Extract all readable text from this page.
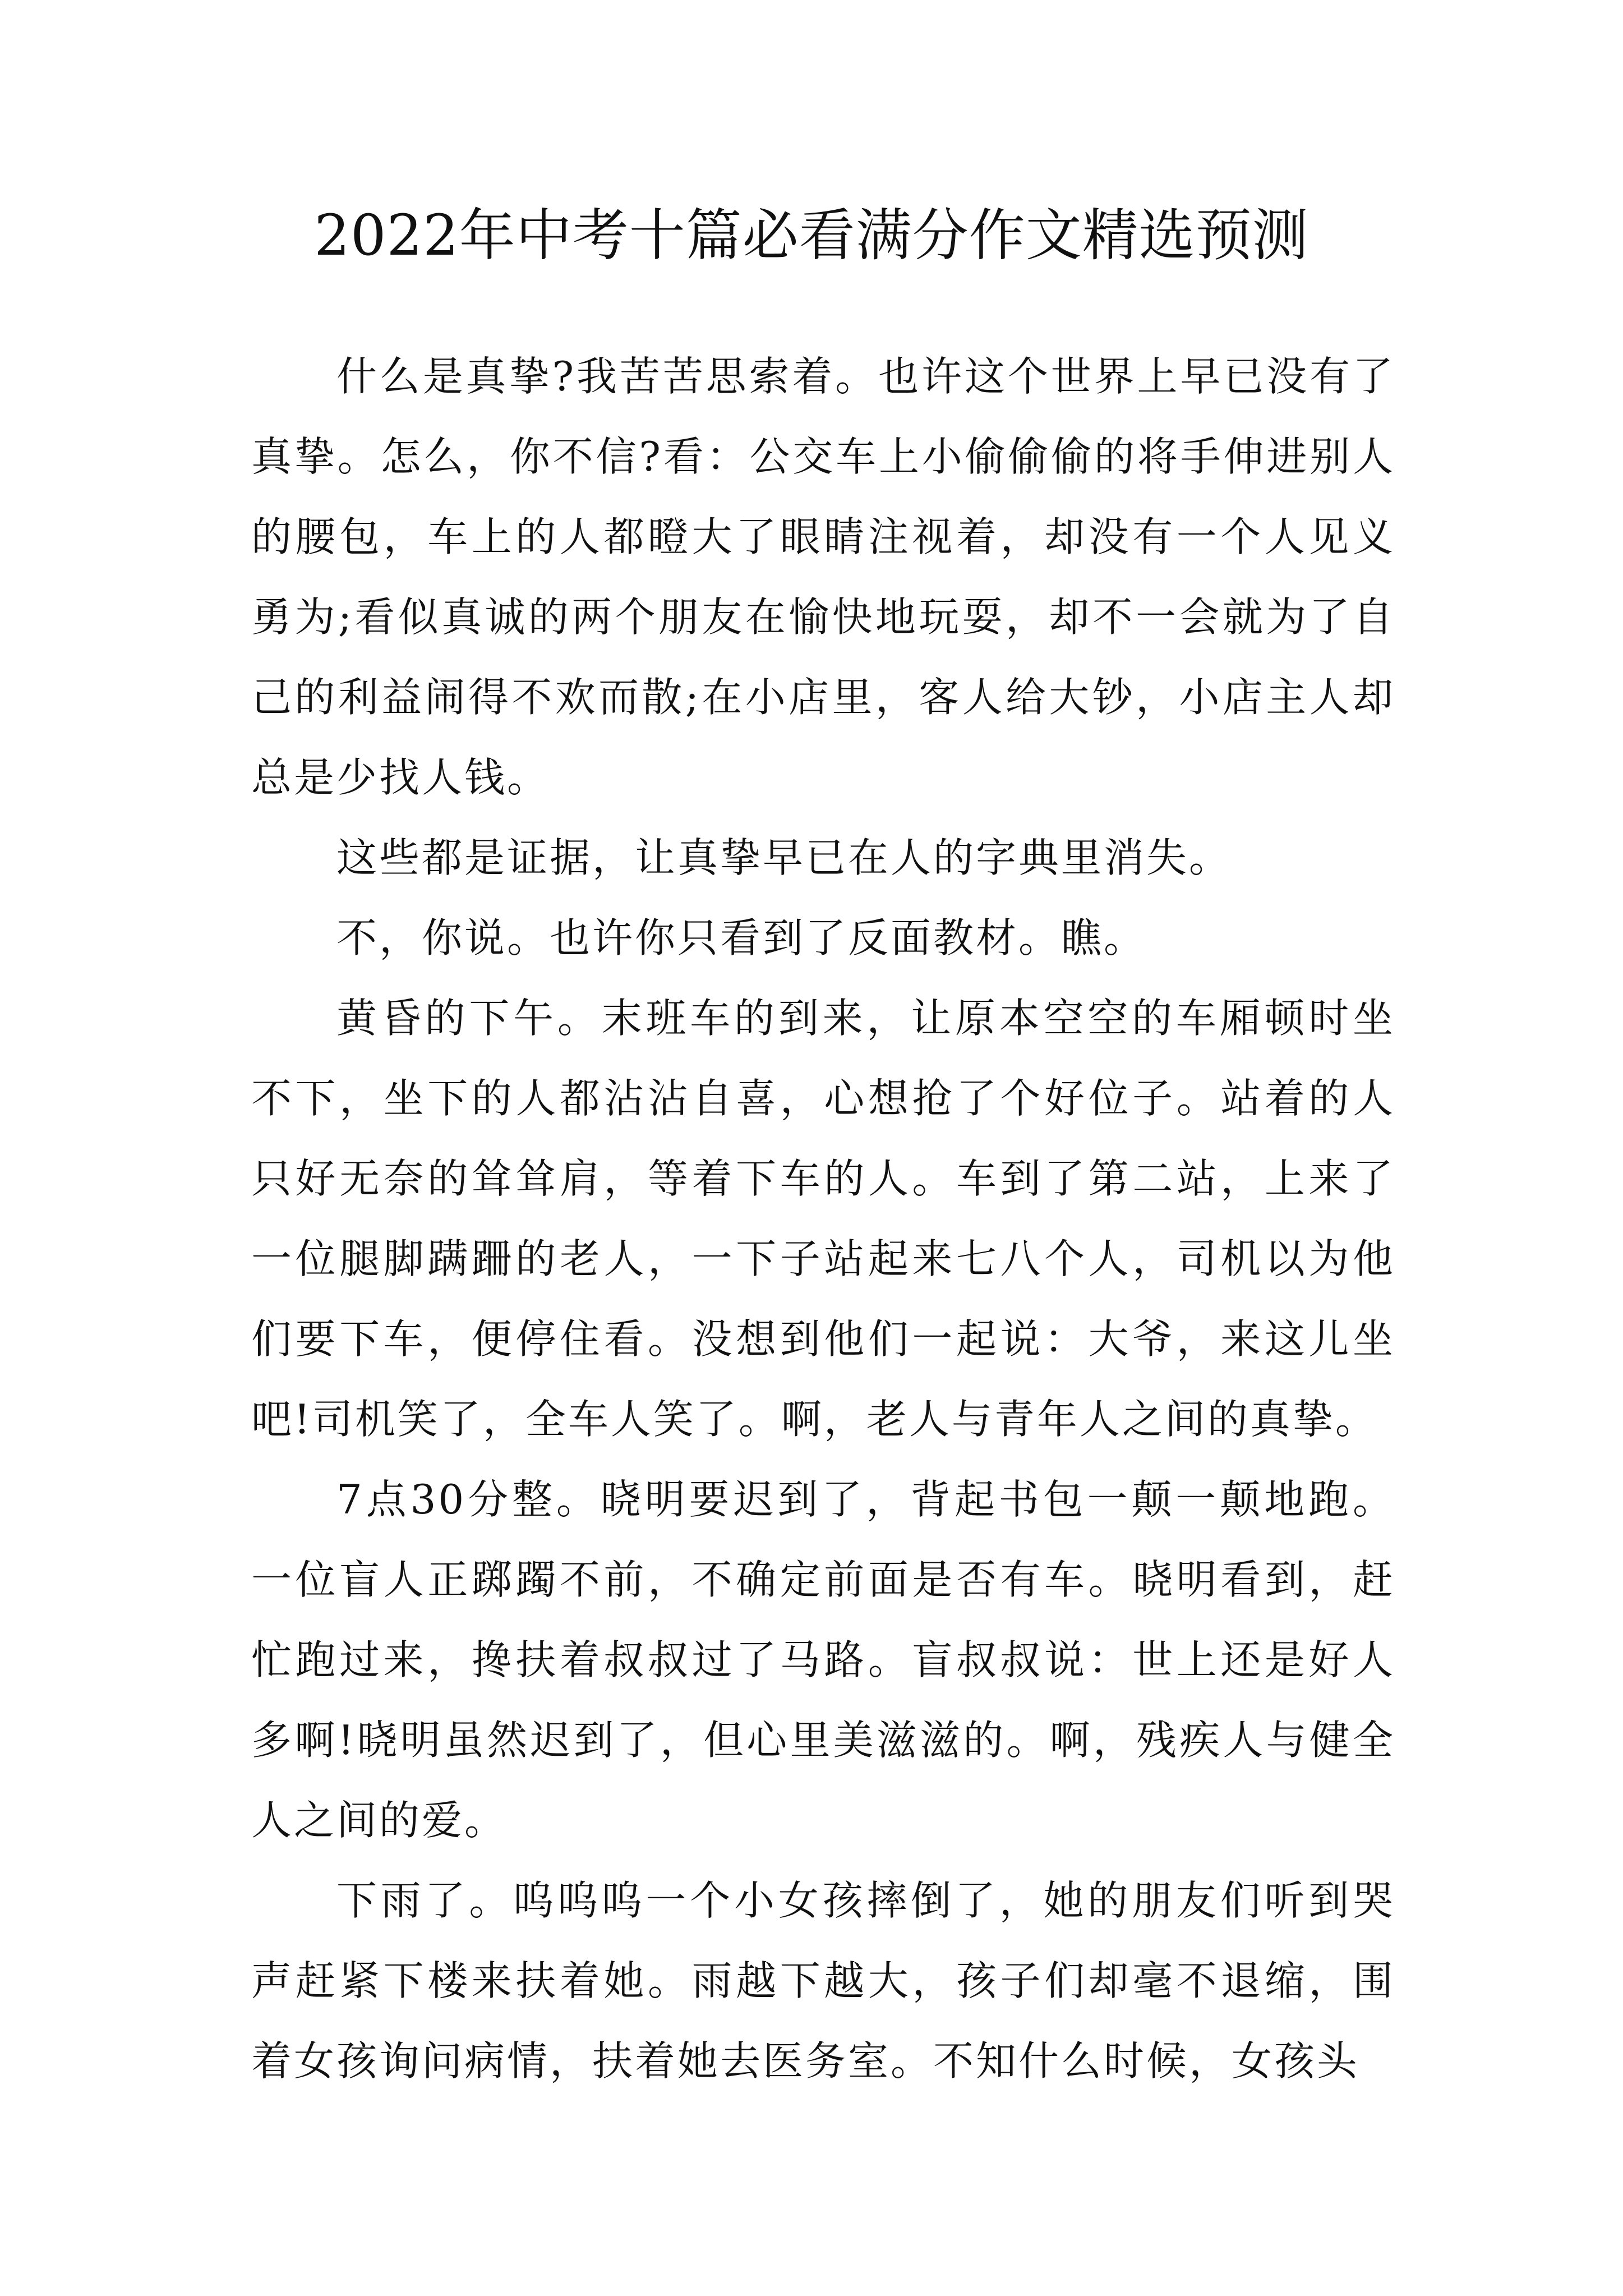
2022年中考十篇必看满分作文精选预测

什么是真挚?我苦苦思索着。也许这个世界上早已没有了真挚。怎么，你不信?看：公交车上小偷偷偷的将手伸进别人的腰包，车上的人都瞪大了眼睛注视着，却没有一个人见义勇为;看似真诚的两个朋友在愉快地玩耍，却不一会就为了自己的利益闹得不欢而散;在小店里，客人给大钞，小店主人却总是少找人钱。

这些都是证据，让真挚早已在人的字典里消失。

不，你说。也许你只看到了反面教材。瞧。

黄昏的下午。末班车的到来，让原本空空的车厢顿时坐不下，坐下的人都沾沾自喜，心想抢了个好位子。站着的人只好无奈的耸耸肩，等着下车的人。车到了第二站，上来了一位腿脚蹒跚的老人，一下子站起来七八个人，司机以为他们要下车，便停住看。没想到他们一起说：大爷，来这儿坐吧!司机笑了，全车人笑了。啊，老人与青年人之间的真挚。

7点30分整。晓明要迟到了，背起书包一颠一颠地跑。一位盲人正踯躅不前，不确定前面是否有车。晓明看到，赶忙跑过来，搀扶着叔叔过了马路。盲叔叔说：世上还是好人多啊!晓明虽然迟到了，但心里美滋滋的。啊，残疾人与健全人之间的爱。

下雨了。呜呜呜一个小女孩摔倒了，她的朋友们听到哭声赶紧下楼来扶着她。雨越下越大，孩子们却毫不退缩，围着女孩询问病情，扶着她去医务室。不知什么时候，女孩头
